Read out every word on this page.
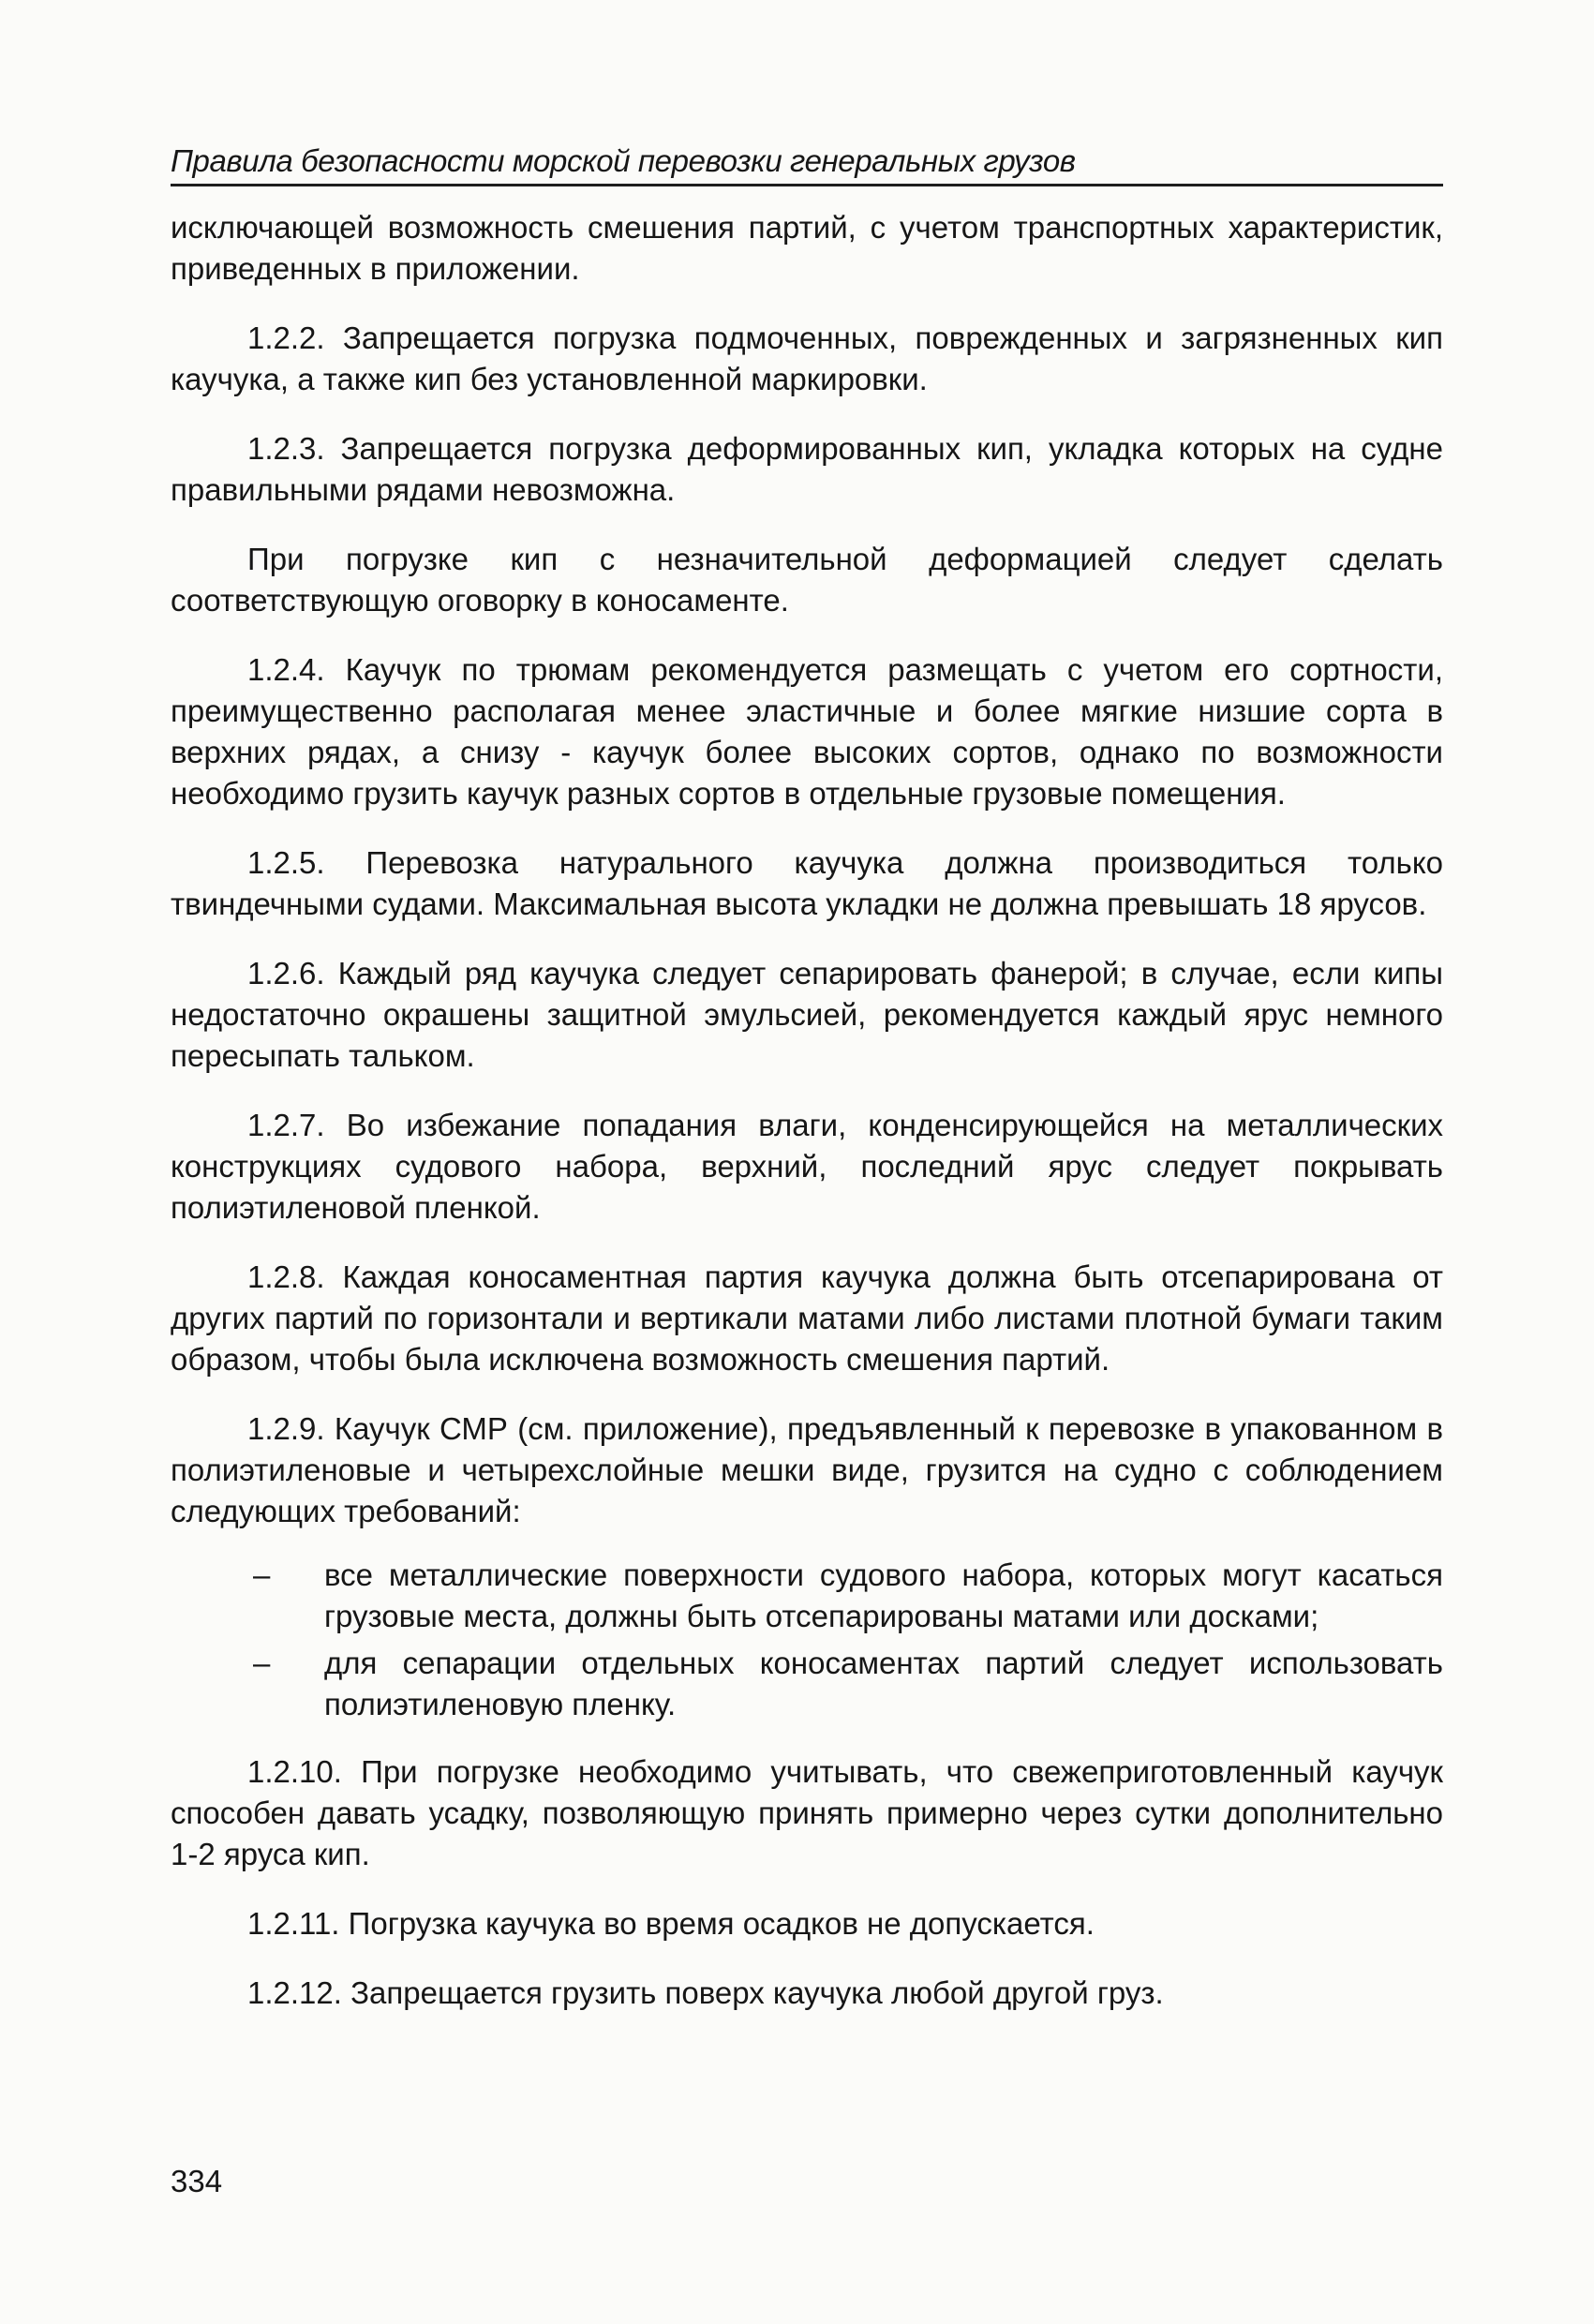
Правила безопасности морской перевозки генеральных грузов

исключающей возможность смешения партий, с учетом транспортных характеристик, приведенных в приложении.

1.2.2. Запрещается погрузка подмоченных, поврежденных и загрязненных кип каучука, а также кип без установленной маркировки.

1.2.3. Запрещается погрузка деформированных кип, укладка которых на судне правильными рядами невозможна.

При погрузке кип с незначительной деформацией следует сделать соответствующую оговорку в коносаменте.

1.2.4. Каучук по трюмам рекомендуется размещать с учетом его сортности, преимущественно располагая менее эластичные и более мягкие низшие сорта в верхних рядах, а снизу - каучук более высоких сортов, однако по возможности необходимо грузить каучук разных сортов в отдельные грузовые помещения.

1.2.5. Перевозка натурального каучука должна производиться только твиндечными судами. Максимальная высота укладки не должна превышать 18 ярусов.

1.2.6. Каждый ряд каучука следует сепарировать фанерой; в случае, если кипы недостаточно окрашены защитной эмульсией, рекомендуется каждый ярус немного пересыпать тальком.

1.2.7. Во избежание попадания влаги, конденсирующейся на металлических конструкциях судового набора, верхний, последний ярус следует покрывать полиэтиленовой пленкой.

1.2.8. Каждая коносаментная партия каучука должна быть отсепарирована от других партий по горизонтали и вертикали матами либо листами плотной бумаги таким образом, чтобы была исключена возможность смешения партий.

1.2.9. Каучук СМР (см. приложение), предъявленный к перевозке в упакованном в полиэтиленовые и четырехслойные мешки виде, грузится на судно с соблюдением следующих требований:

– все металлические поверхности судового набора, которых могут касаться грузовые места, должны быть отсепарированы матами или досками;
– для сепарации отдельных коносаментах партий следует использовать полиэтиленовую пленку.

1.2.10. При погрузке необходимо учитывать, что свежеприготовленный каучук способен давать усадку, позволяющую принять примерно через сутки дополнительно 1-2 яруса кип.

1.2.11. Погрузка каучука во время осадков не допускается.

1.2.12. Запрещается грузить поверх каучука любой другой груз.

334
